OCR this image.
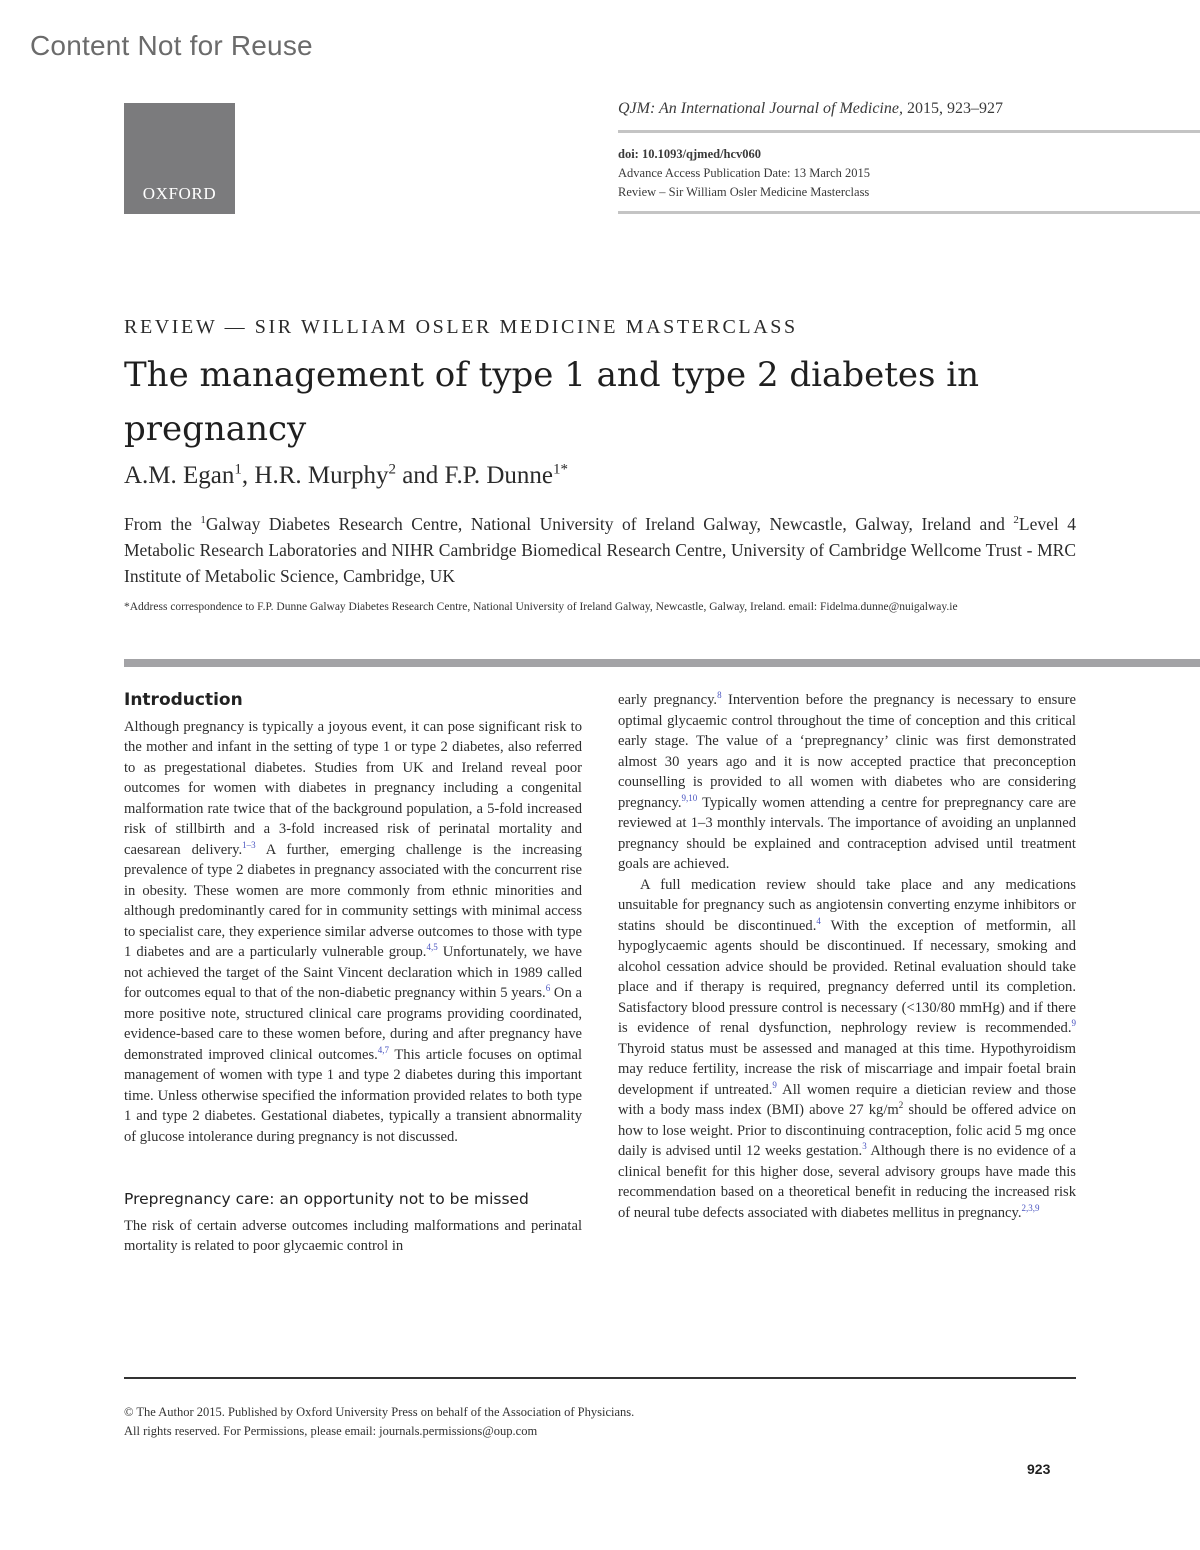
Content Not for Reuse
OXFORD
QJM: An International Journal of Medicine, 2015, 923–927
doi: 10.1093/qjmed/hcv060
Advance Access Publication Date: 13 March 2015
Review – Sir William Osler Medicine Masterclass
REVIEW — SIR WILLIAM OSLER MEDICINE MASTERCLASS
The management of type 1 and type 2 diabetes in
pregnancy
A.M. Egan$^1$, H.R. Murphy$^2$ and F.P. Dunne$^{1*}$
From the $^1$Galway Diabetes Research Centre, National University of Ireland Galway, Newcastle, Galway, Ireland and $^2$Level 4 Metabolic Research Laboratories and NIHR Cambridge Biomedical Research Centre, University of Cambridge Wellcome Trust - MRC Institute of Metabolic Science, Cambridge, UK
*Address correspondence to F.P. Dunne Galway Diabetes Research Centre, National University of Ireland Galway, Newcastle, Galway, Ireland. email: Fidelma.dunne@nuigalway.ie
Introduction

Although pregnancy is typically a joyous event, it can pose significant risk to the mother and infant in the setting of type 1 or type 2 diabetes, also referred to as pregestational diabetes. Studies from UK and Ireland reveal poor outcomes for women with diabetes in pregnancy including a congenital malformation rate twice that of the background population, a 5-fold increased risk of stillbirth and a 3-fold increased risk of perinatal mortality and caesarean delivery.$^{1-3}$ A further, emerging challenge is the increasing prevalence of type 2 diabetes in pregnancy associated with the concurrent rise in obesity. These women are more commonly from ethnic minorities and although predominantly cared for in community settings with minimal access to specialist care, they experience similar adverse outcomes to those with type 1 diabetes and are a particularly vulnerable group.$^{4,5}$ Unfortunately, we have not achieved the target of the Saint Vincent declaration which in 1989 called for outcomes equal to that of the non-diabetic pregnancy within 5 years.$^6$ On a more positive note, structured clinical care programs providing coordinated, evidence-based care to these women before, during and after pregnancy have demonstrated improved clinical outcomes.$^{4,7}$ This article focuses on optimal management of women with type 1 and type 2 diabetes during this important time. Unless otherwise specified the information provided relates to both type 1 and type 2 diabetes. Gestational diabetes, typically a transient abnormality of glucose intolerance during pregnancy is not discussed.

Prepregnancy care: an opportunity not to be missed

The risk of certain adverse outcomes including malformations and perinatal mortality is related to poor glycaemic control in

early pregnancy.$^8$ Intervention before the pregnancy is necessary to ensure optimal glycaemic control throughout the time of conception and this critical early stage. The value of a ‘prepregnancy’ clinic was first demonstrated almost 30 years ago and it is now accepted practice that preconception counselling is provided to all women with diabetes who are considering pregnancy.$^{9,10}$ Typically women attending a centre for prepregnancy care are reviewed at 1–3 monthly intervals. The importance of avoiding an unplanned pregnancy should be explained and contraception advised until treatment goals are achieved.

A full medication review should take place and any medications unsuitable for pregnancy such as angiotensin converting enzyme inhibitors or statins should be discontinued.$^4$ With the exception of metformin, all hypoglycaemic agents should be discontinued. If necessary, smoking and alcohol cessation advice should be provided. Retinal evaluation should take place and if therapy is required, pregnancy deferred until its completion. Satisfactory blood pressure control is necessary (<130/80 mmHg) and if there is evidence of renal dysfunction, nephrology review is recommended.$^9$ Thyroid status must be assessed and managed at this time. Hypothyroidism may reduce fertility, increase the risk of miscarriage and impair foetal brain development if untreated.$^9$ All women require a dietician review and those with a body mass index (BMI) above 27 $kg/m^2$ should be offered advice on how to lose weight. Prior to discontinuing contraception, folic acid 5 mg once daily is advised until 12 weeks gestation.$^3$ Although there is no evidence of a clinical benefit for this higher dose, several advisory groups have made this recommendation based on a theoretical benefit in reducing the increased risk of neural tube defects associated with diabetes mellitus in pregnancy.$^{2,3,9}$

© The Author 2015. Published by Oxford University Press on behalf of the Association of Physicians.
All rights reserved. For Permissions, please email: journals.permissions@oup.com
923
